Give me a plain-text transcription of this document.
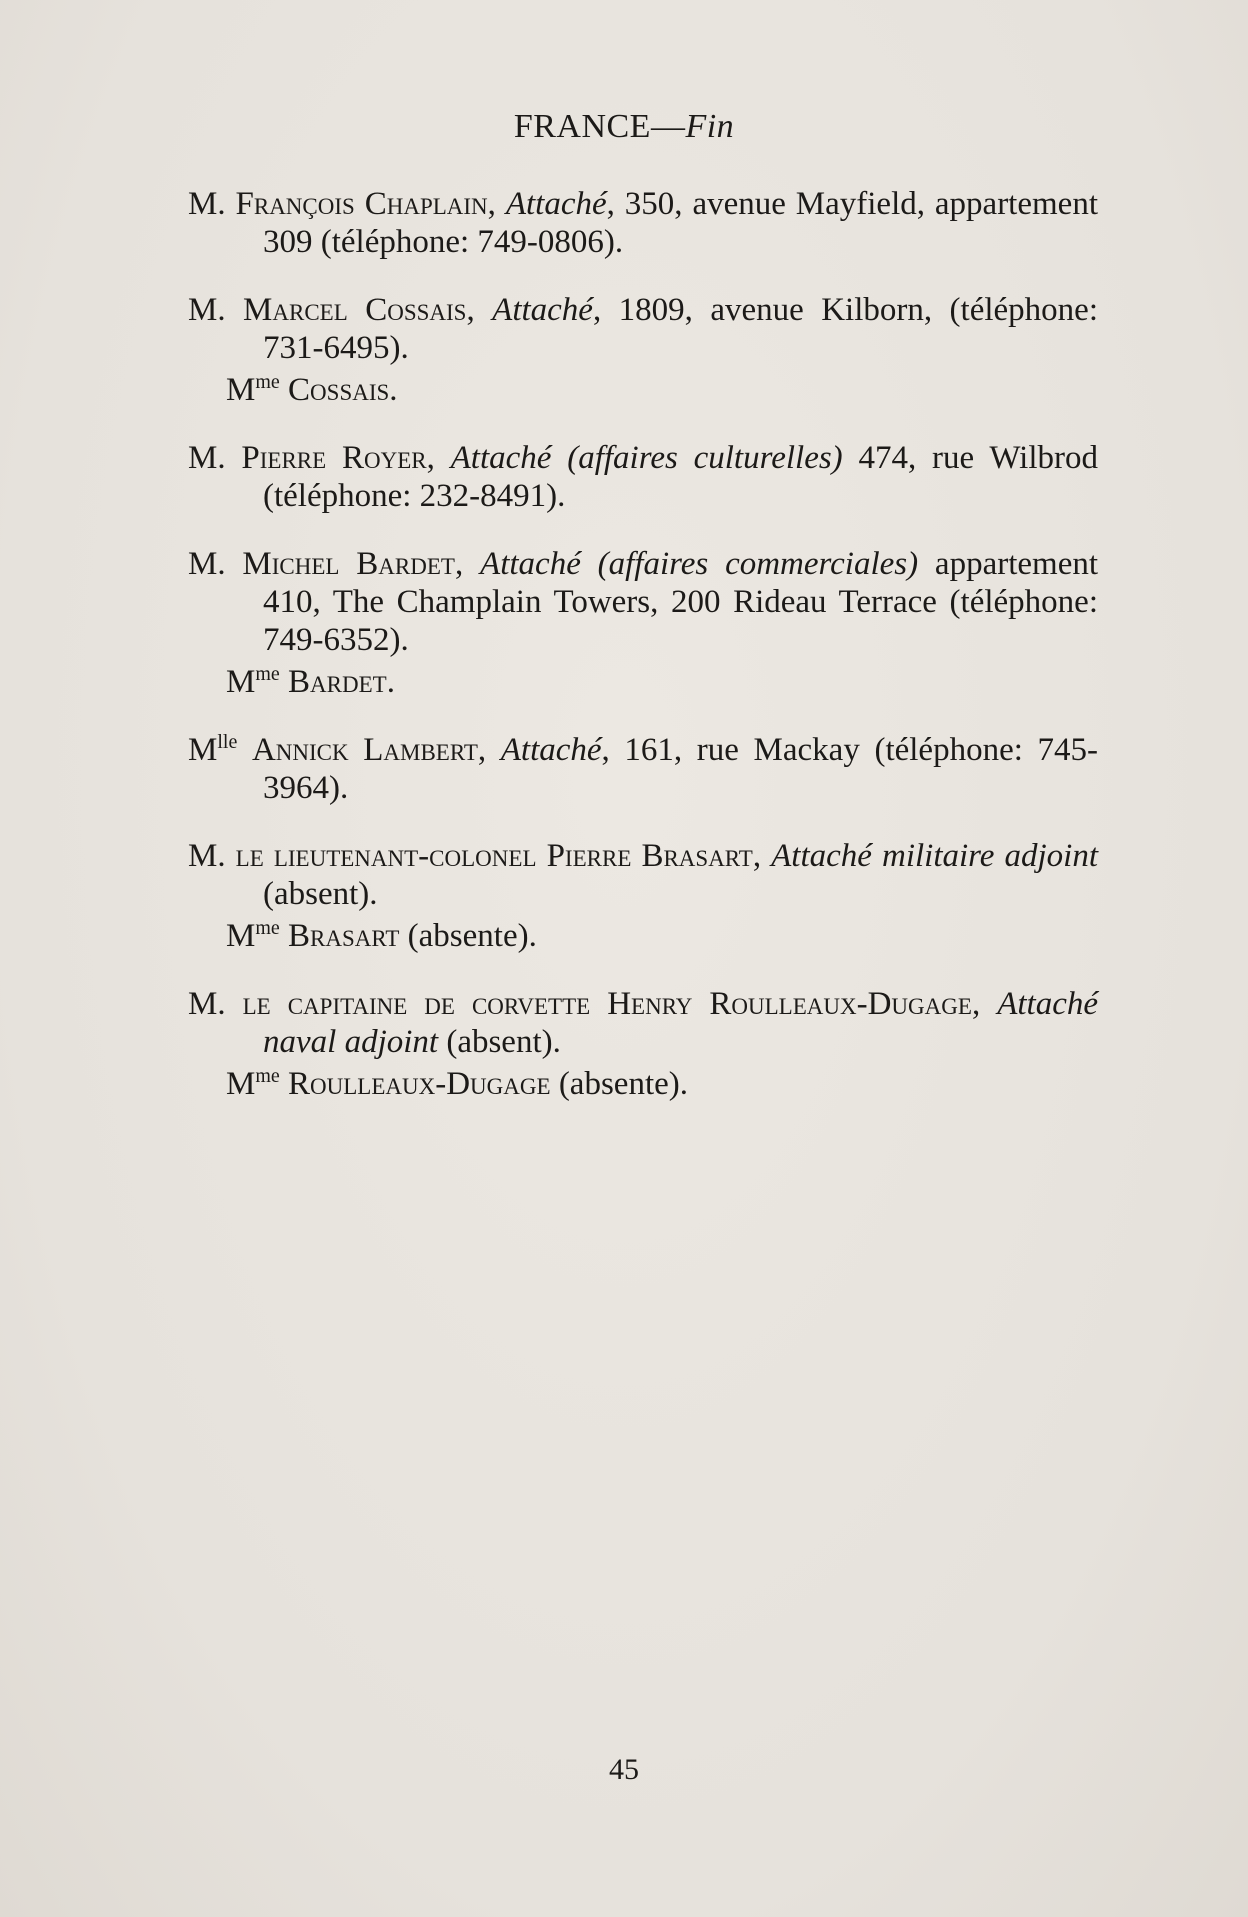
FRANCE—Fin
M. François Chaplain, Attaché, 350, avenue Mayfield, appartement 309 (téléphone: 749-0806).
M. Marcel Cossais, Attaché, 1809, avenue Kilborn, (téléphone: 731-6495).
$M^{me}$ Cossais.
M. Pierre Royer, Attaché (affaires culturelles) 474, rue Wilbrod (téléphone: 232-8491).
M. Michel Bardet, Attaché (affaires commerciales) appartement 410, The Champlain Towers, 200 Rideau Terrace (téléphone: 749-6352).
$M^{me}$ Bardet.
$M^{lle}$ Annick Lambert, Attaché, 161, rue Mackay (téléphone: 745-3964).
M. le lieutenant-colonel Pierre Brasart, Attaché militaire adjoint (absent).
$M^{me}$ Brasart (absente).
M. le capitaine de corvette Henry Roulleaux-Dugage, Attaché naval adjoint (absent).
$M^{me}$ Roulleaux-Dugage (absente).
45
